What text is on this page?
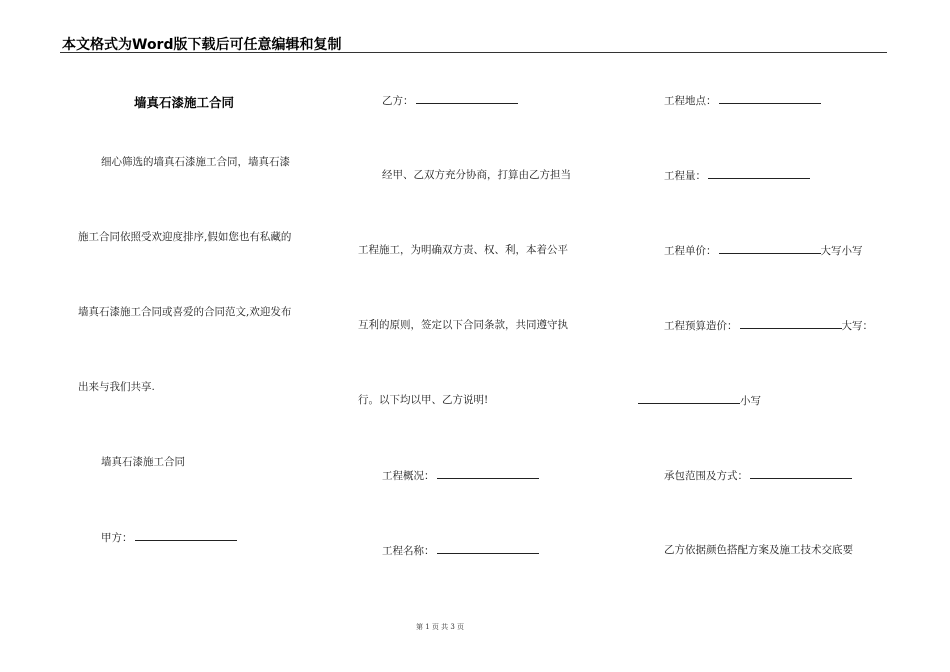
本文格式为Word版下载后可任意编辑和复制
墙真石漆施工合同
细心筛选的墙真石漆施工合同，墙真石漆
施工合同依照受欢迎度排序,假如您也有私藏的
墙真石漆施工合同或喜爱的合同范文,欢迎发布
出来与我们共享.
墙真石漆施工合同
甲方：
乙方：
经甲、乙双方充分协商，打算由乙方担当
工程施工，为明确双方责、权、利，本着公平
互利的原则，签定以下合同条款，共同遵守执
行。以下均以甲、乙方说明!
工程概况：
工程名称：
工程地点：
工程量：
工程单价：	大写小写
工程预算造价：	大写：
小写
承包范围及方式：
乙方依据颜色搭配方案及施工技术交底要
第 1 页 共 3 页
